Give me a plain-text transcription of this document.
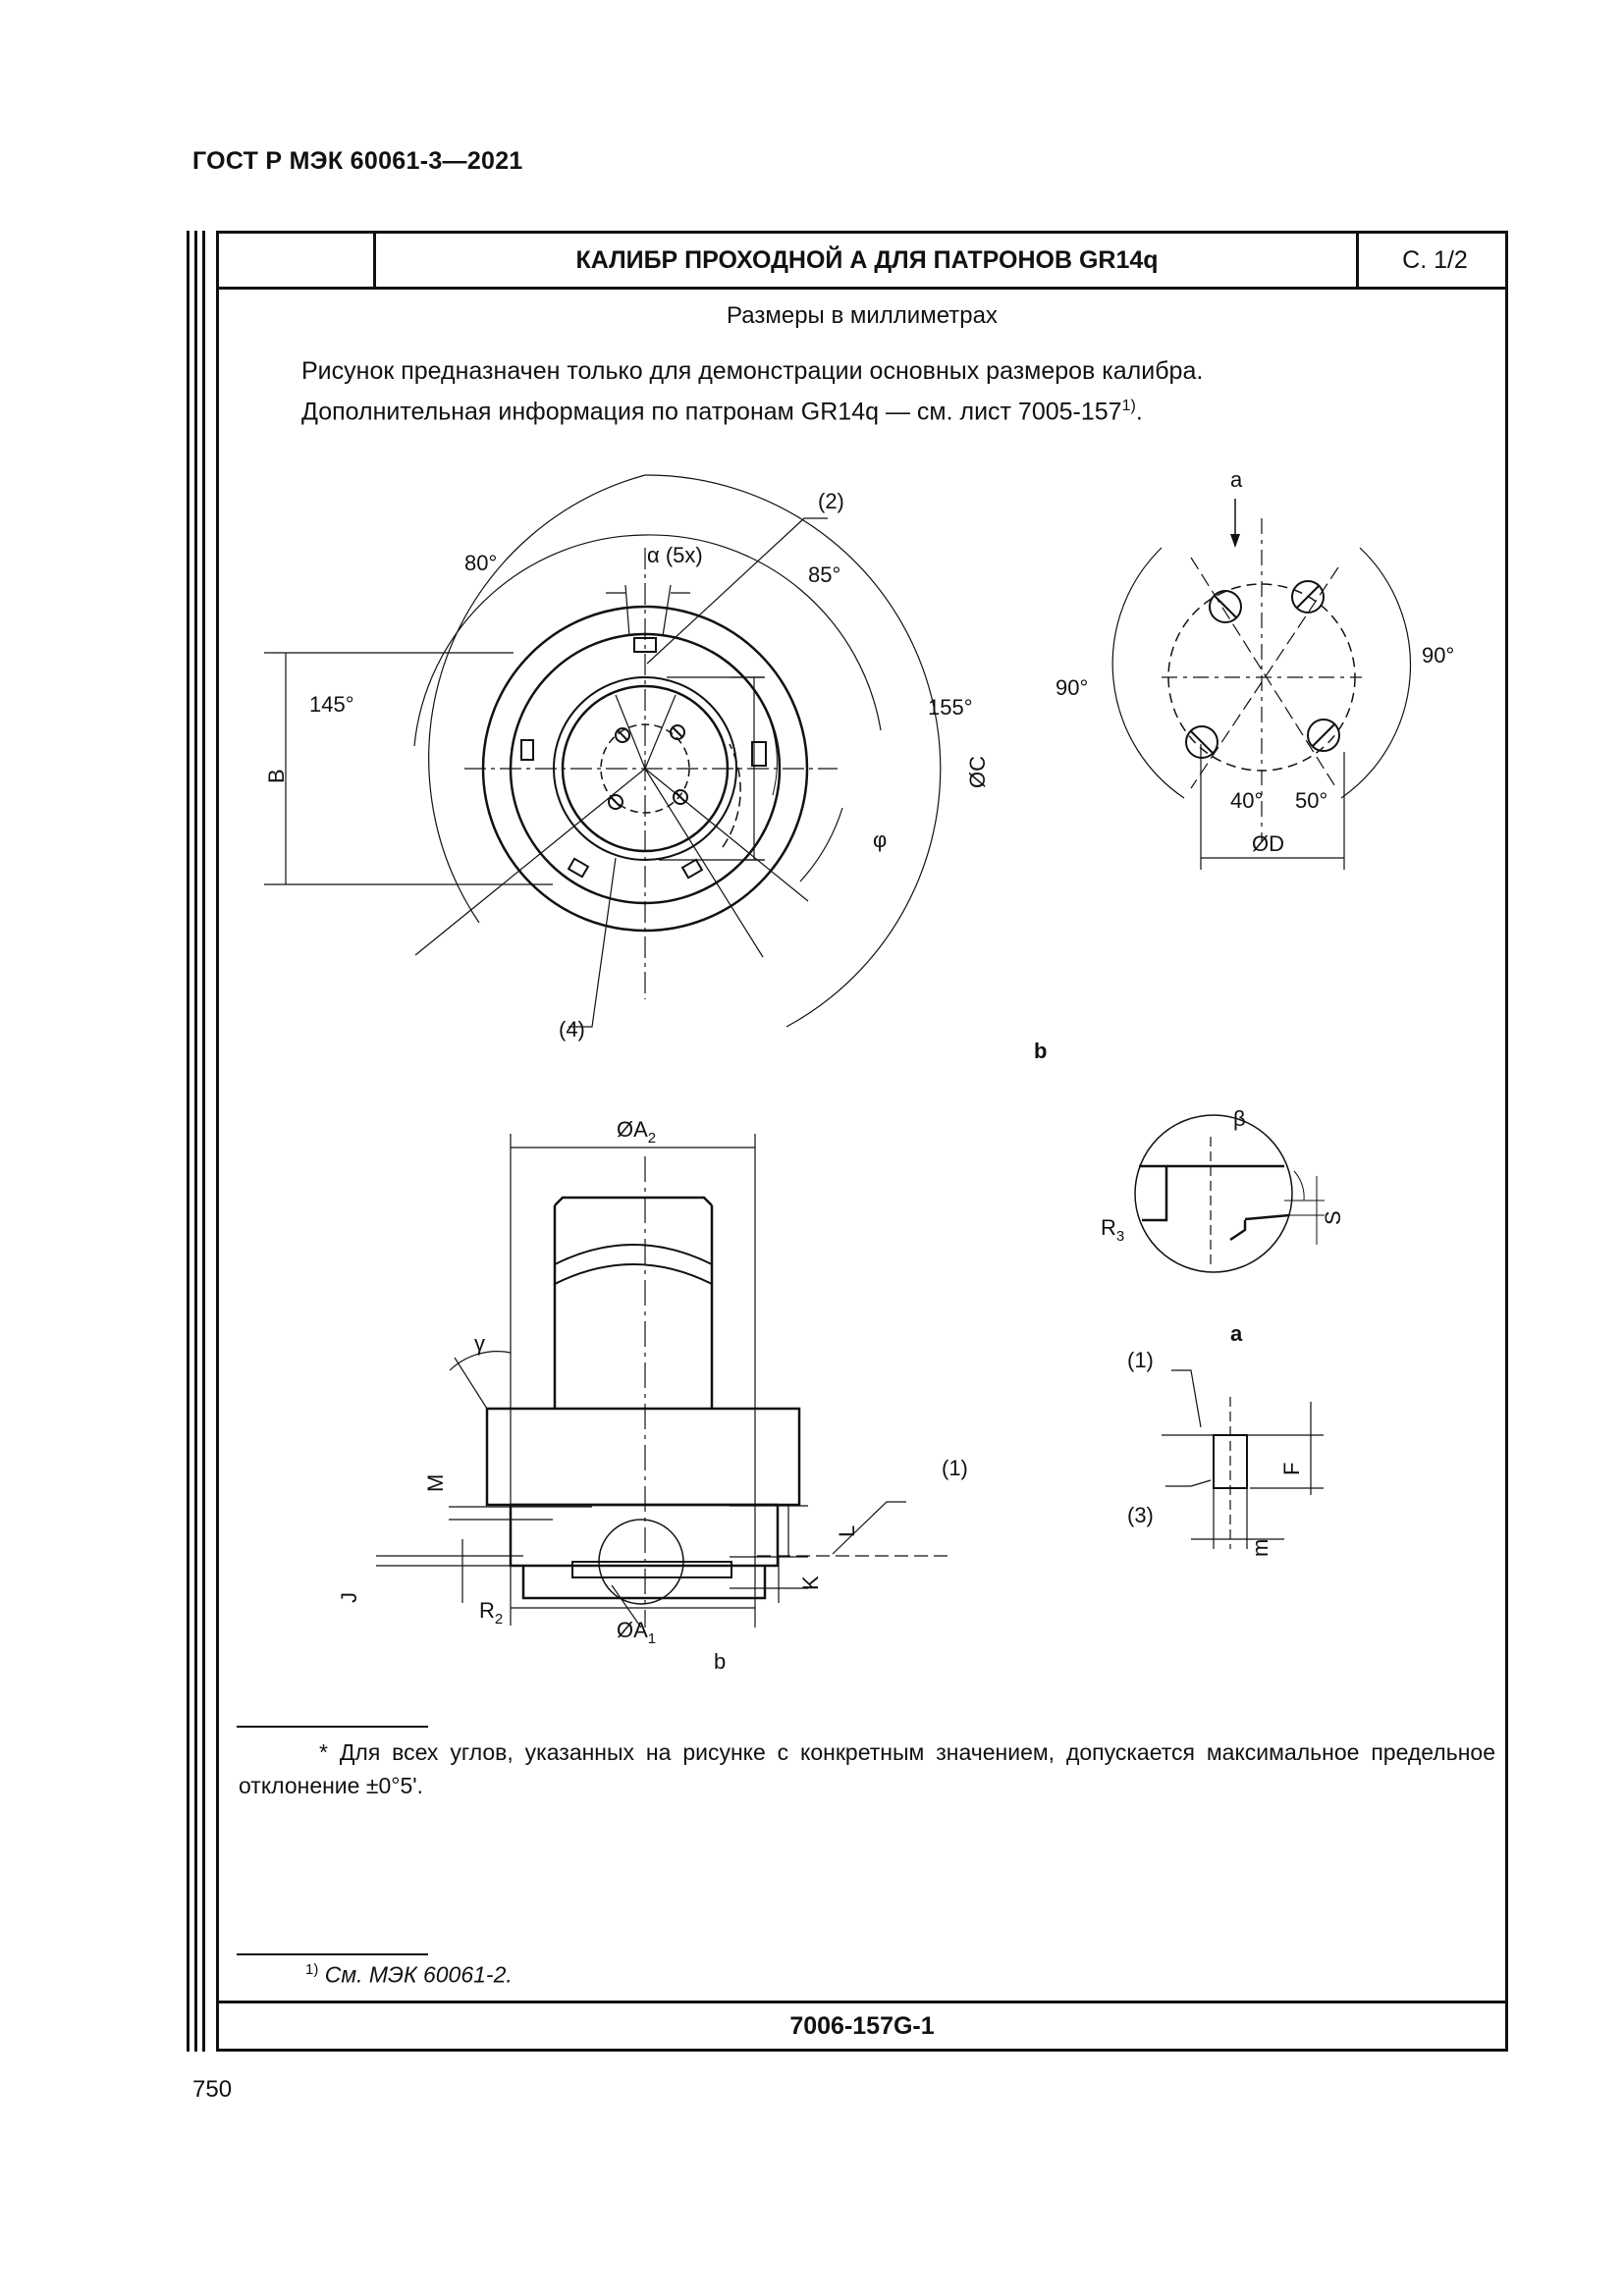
ГОСТ Р МЭК 60061-3—2021
КАЛИБР ПРОХОДНОЙ А ДЛЯ ПАТРОНОВ GR14q	С. 1/2
Размеры в миллиметрах
Рисунок предназначен только для демонстрации основных размеров калибра.
Дополнительная информация по патронам GR14q — см. лист 7005-157$^{1)}$.
(2)
(4)
α (5x)
80°	85°
145°	155°
φ
B	ØC
a
90°
90°
40° 50°
ØD
b
β
S
$R_3$
$ØA_2$
$ØA_1$
γ
(1)
M
L
J
K
$R_2$
b
a
(1)
(3)
F
m
* Для всех углов, указанных на рисунке с конкретным значением, допускается максимальное предельное отклонение ±0°5'.
$^{1)}$ См. МЭК 60061-2.
7006-157G-1
750
